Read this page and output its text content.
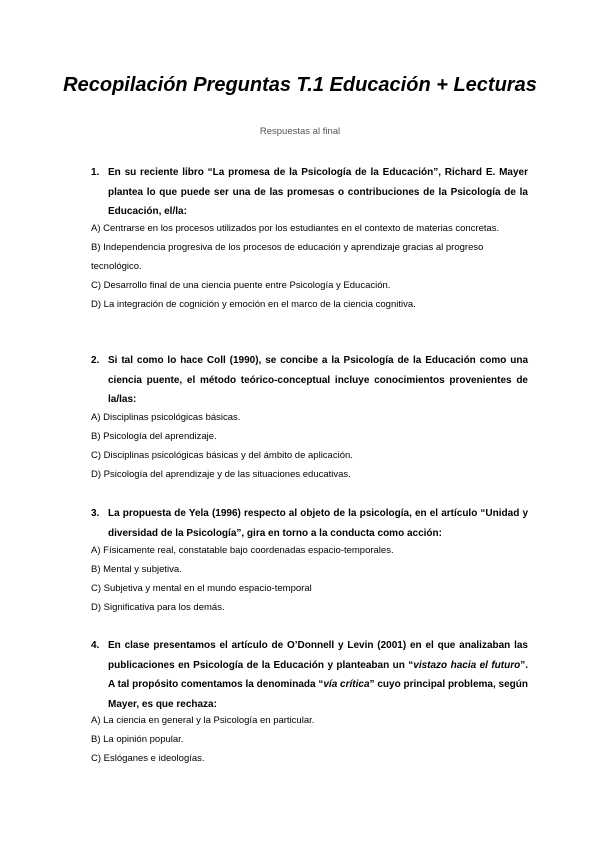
Recopilación Preguntas T.1 Educación + Lecturas

Respuestas al final

1. En su reciente libro “La promesa de la Psicología de la Educación”, Richard E. Mayer plantea lo que puede ser una de las promesas o contribuciones de la Psicología de la Educación, el/la:
A) Centrarse en los procesos utilizados por los estudiantes en el contexto de materias concretas.
B) Independencia progresiva de los procesos de educación y aprendizaje gracias al progreso tecnológico.
C) Desarrollo final de una ciencia puente entre Psicología y Educación.
D) La integración de cognición y emoción en el marco de la ciencia cognitiva.
2. Si tal como lo hace Coll (1990), se concibe a la Psicología de la Educación como una ciencia puente, el método teórico-conceptual incluye conocimientos provenientes de la/las:
A) Disciplinas psicológicas básicas.
B) Psicología del aprendizaje.
C) Disciplinas psicológicas básicas y del ámbito de aplicación.
D) Psicología del aprendizaje y de las situaciones educativas.
3. La propuesta de Yela (1996) respecto al objeto de la psicología, en el artículo “Unidad y diversidad de la Psicología”, gira en torno a la conducta como acción:
A) Físicamente real, constatable bajo coordenadas espacio-temporales.
B) Mental y subjetiva.
C) Subjetiva y mental en el mundo espacio-temporal
D) Significativa para los demás.
4. En clase presentamos el artículo de O’Donnell y Levin (2001) en el que analizaban las publicaciones en Psicología de la Educación y planteaban un “vistazo hacia el futuro”. A tal propósito comentamos la denominada “vía crítica” cuyo principal problema, según Mayer, es que rechaza:
A) La ciencia en general y la Psicología en particular.
B) La opinión popular.
C) Eslóganes e ideologías.
